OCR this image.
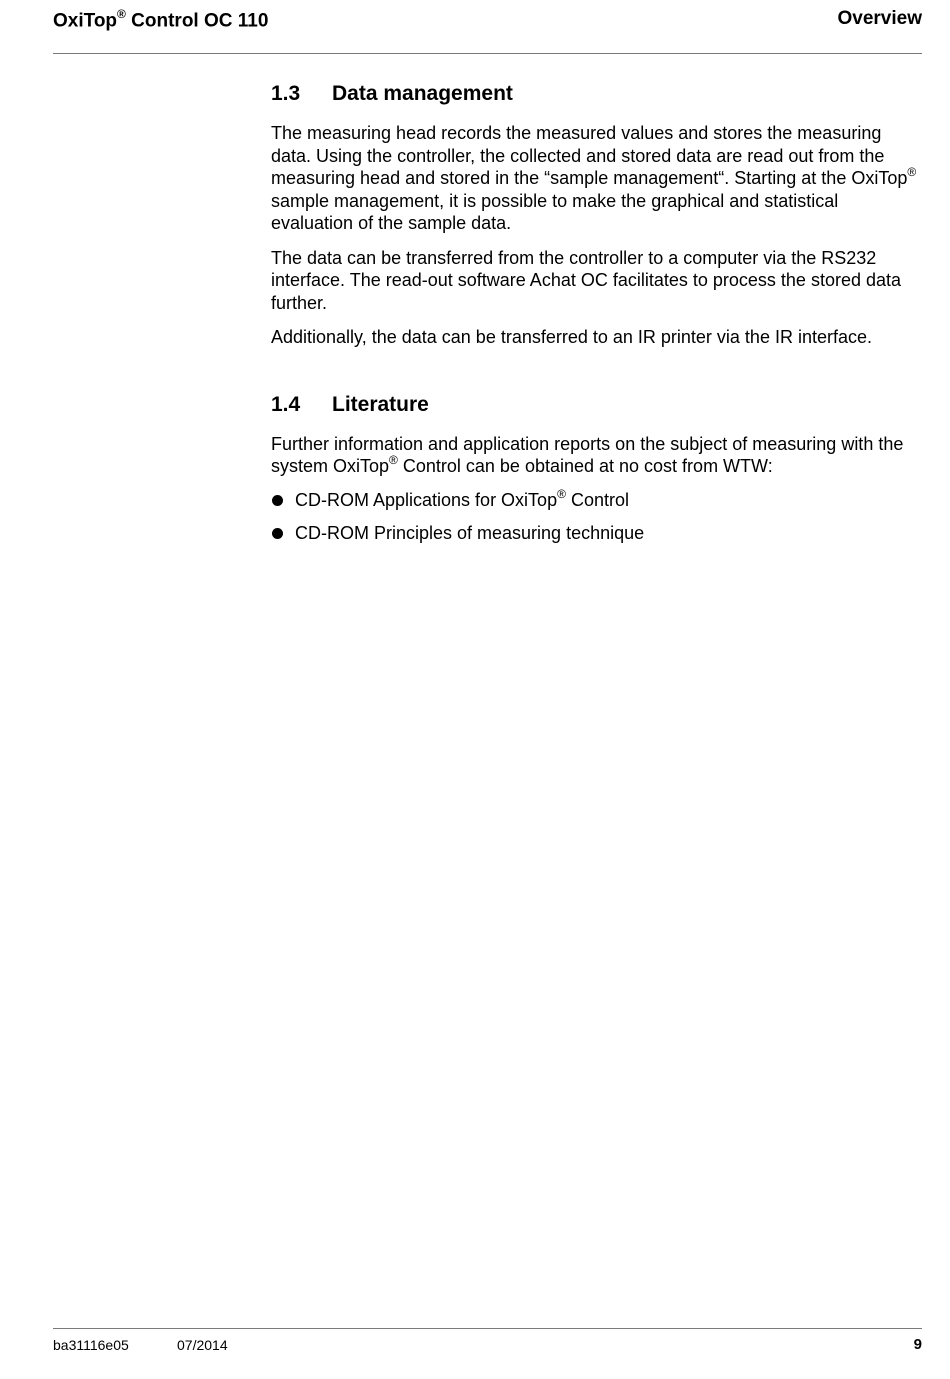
OxiTop® Control OC 110	Overview
1.3 Data management

The measuring head records the measured values and stores the measuring data. Using the controller, the collected and stored data are read out from the measuring head and stored in the “sample management“. Starting at the OxiTop® sample management, it is possible to make the graphical and statistical evaluation of the sample data.

The data can be transferred from the controller to a computer via the RS232 interface. The read-out software Achat OC facilitates to process the stored data further.

Additionally, the data can be transferred to an IR printer via the IR interface.

1.4 Literature

Further information and application reports on the subject of measuring with the system OxiTop® Control can be obtained at no cost from WTW:

CD-ROM Applications for OxiTop® Control
CD-ROM Principles of measuring technique
ba31116e05	07/2014	9
